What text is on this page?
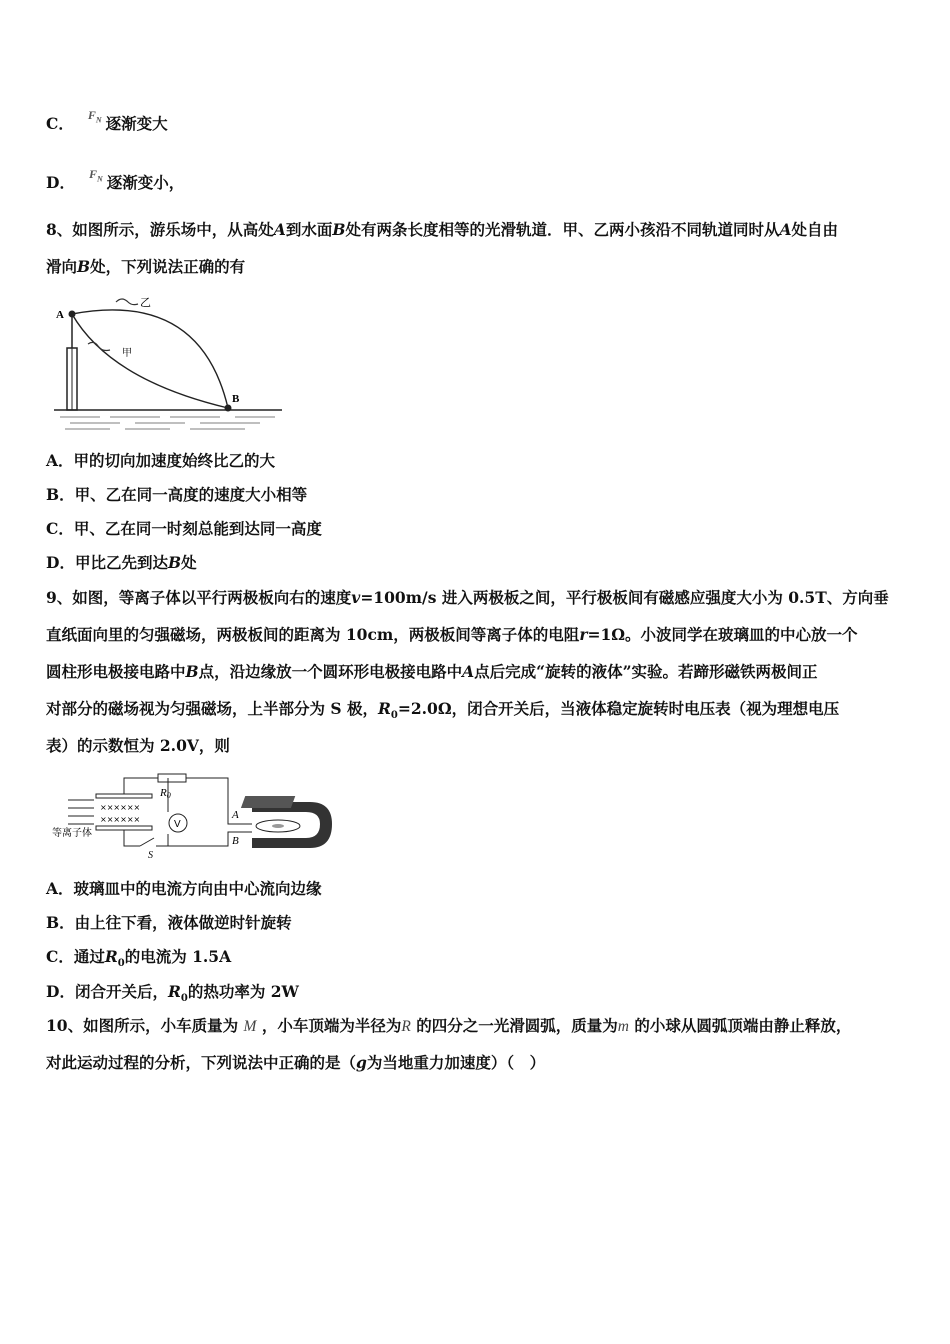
C． $^{F_N}$ 逐渐变大
D． $^{F_N}$ 逐渐变小，
8、如图所示，游乐场中，从高处A到水面B处有两条长度相等的光滑轨道．甲、乙两小孩沿不同轨道同时从A处自由
滑向B处，下列说法正确的有
A
B
乙
甲
A．甲的切向加速度始终比乙的大
B．甲、乙在同一高度的速度大小相等
C．甲、乙在同一时刻总能到达同一高度
D．甲比乙先到达B处
9、如图，等离子体以平行两极板向右的速度v=100m/s 进入两极板之间，平行极板间有磁感应强度大小为 0.5T、方向垂
直纸面向里的匀强磁场，两极板间的距离为 10cm，两极板间等离子体的电阻r=1Ω。小波同学在玻璃皿的中心放一个
圆柱形电极接电路中B点，沿边缘放一个圆环形电极接电路中A点后完成“旋转的液体”实验。若蹄形磁铁两极间正
对部分的磁场视为匀强磁场，上半部分为 S 极，$R_0=2.0\Omega$，闭合开关后，当液体稳定旋转时电压表（视为理想电压
表）的示数恒为 2.0V，则
等离子体
××××××
××××××
R0
S
V
A
B
A．玻璃皿中的电流方向由中心流向边缘
B．由上往下看，液体做逆时针旋转
C．通过$R_0$的电流为 1.5A
D．闭合开关后，$R_0$的热功率为 2W
10、如图所示，小车质量为 M ，小车顶端为半径为R 的四分之一光滑圆弧，质量为m 的小球从圆弧顶端由静止释放，
对此运动过程的分析，下列说法中正确的是（g为当地重力加速度）（　）
